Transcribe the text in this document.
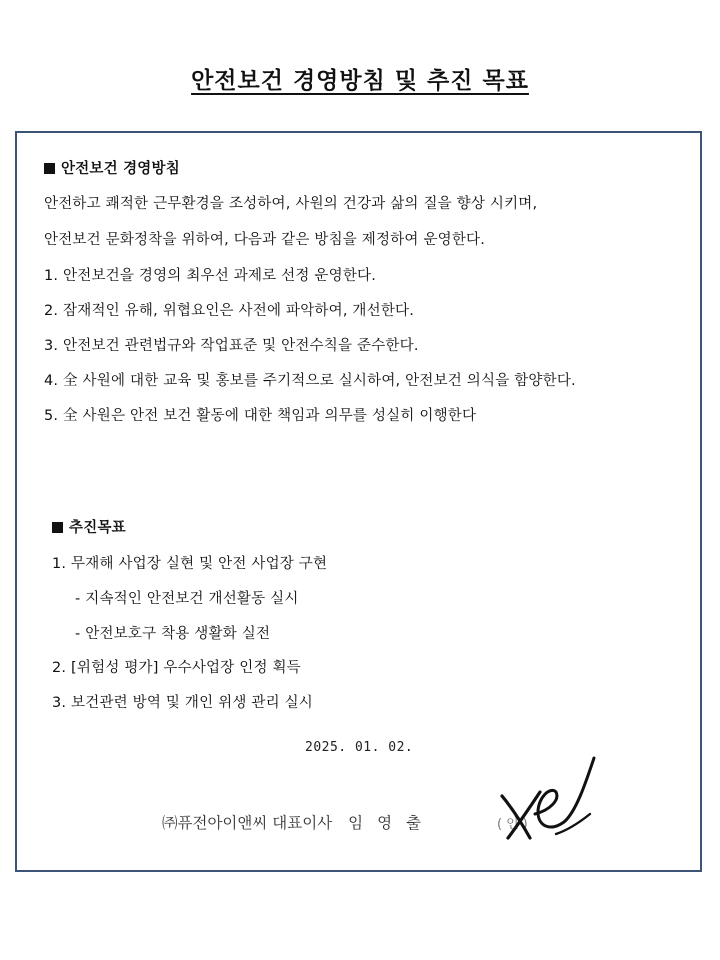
안전보건 경영방침 및 추진 목표
안전보건 경영방침
안전하고 쾌적한 근무환경을 조성하여, 사원의 건강과 삶의 질을 향상 시키며,
안전보건 문화정착을 위하여, 다음과 같은 방침을 제정하여 운영한다.
1. 안전보건을 경영의 최우선 과제로 선정 운영한다.
2. 잠재적인 유해, 위협요인은 사전에 파악하여, 개선한다.
3. 안전보건 관련법규와 작업표준 및 안전수칙을 준수한다.
4. 全 사원에 대한 교육 및 홍보를 주기적으로 실시하여, 안전보건 의식을 함양한다.
5. 全 사원은 안전 보건 활동에 대한 책임과 의무를 성실히 이행한다
추진목표
1. 무재해 사업장 실현 및 안전 사업장 구현
- 지속적인 안전보건 개선활동 실시
- 안전보호구 착용 생활화 실전
2. [위험성 평가] 우수사업장 인정 획득
3. 보건관련 방역 및 개인 위생 관리 실시
2025. 01. 02.
㈜퓨전아이앤씨 대표이사 임영출	(인)
